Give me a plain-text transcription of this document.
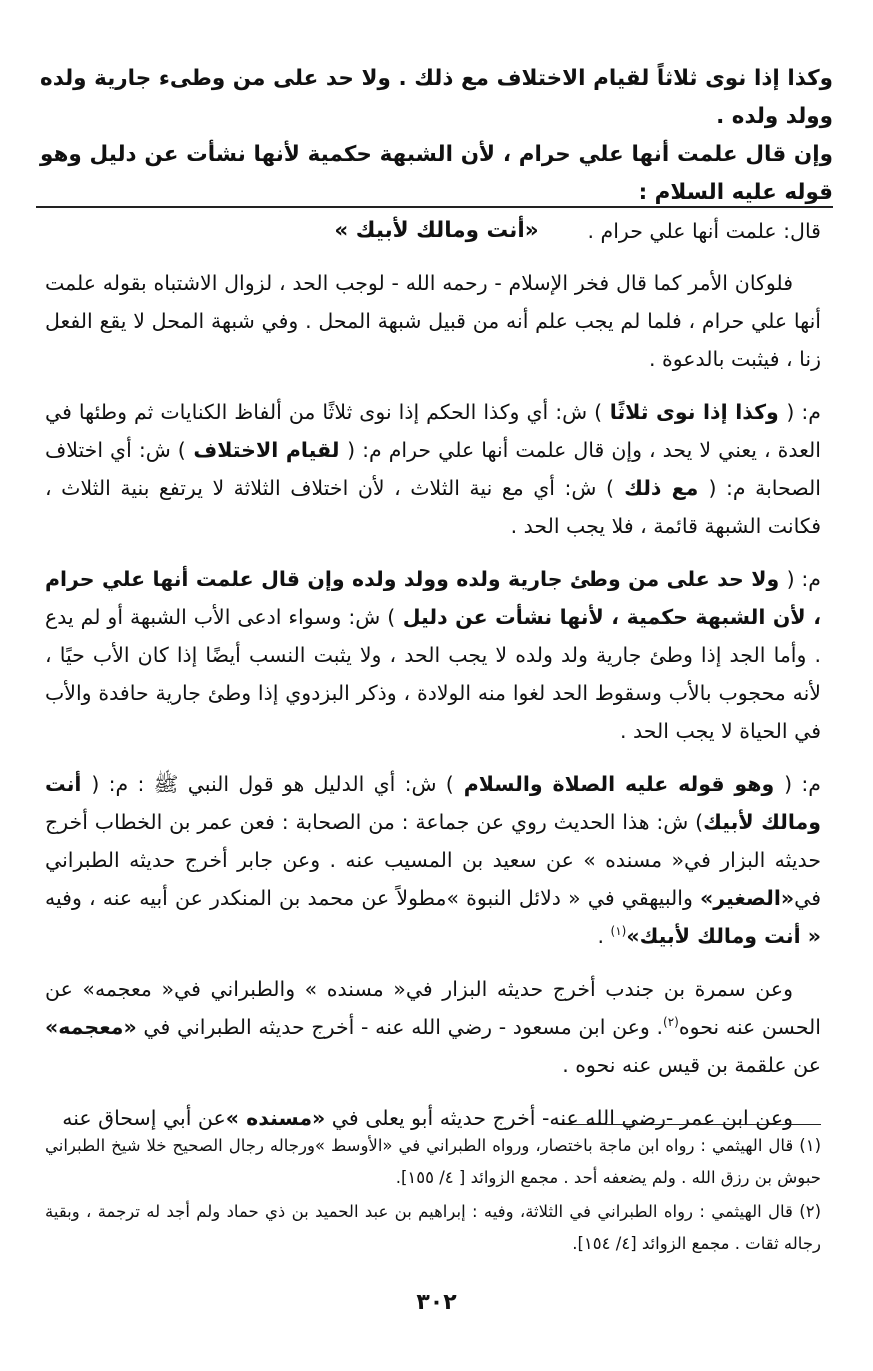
وكذا إذا نوى ثلاثاً لقيام الاختلاف مع ذلك . ولا حد على من وطىء جارية ولده وولد ولده .
وإن قال علمت أنها علي حرام ، لأن الشبهة حكمية لأنها نشأت عن دليل وهو قوله عليه السلام :
«أنت ومالك لأبيك »	قال: علمت أنها علي حرام .

فلوكان الأمر كما قال فخر الإسلام - رحمه الله - لوجب الحد ، لزوال الاشتباه بقوله علمت أنها علي حرام ، فلما لم يجب علم أنه من قبيل شبهة المحل . وفي شبهة المحل لا يقع الفعل زنا ، فيثبت بالدعوة .

م: ( وكذا إذا نوى ثلاثًا ) ش: أي وكذا الحكم إذا نوى ثلاثًا من ألفاظ الكنايات ثم وطئها في العدة ، يعني لا يحد ، وإن قال علمت أنها علي حرام م: ( لقيام الاختلاف ) ش: أي اختلاف الصحابة م: ( مع ذلك ) ش: أي مع نية الثلاث ، لأن اختلاف الثلاثة لا يرتفع بنية الثلاث ، فكانت الشبهة قائمة ، فلا يجب الحد .

م: ( ولا حد على من وطئ جارية ولده وولد ولده وإن قال علمت أنها علي حرام ، لأن الشبهة حكمية ، لأنها نشأت عن دليل ) ش: وسواء ادعى الأب الشبهة أو لم يدع . وأما الجد إذا وطئ جارية ولد ولده لا يجب الحد ، ولا يثبت النسب أيضًا إذا كان الأب حيًا ، لأنه محجوب بالأب وسقوط الحد لغوا منه الولادة ، وذكر البزدوي إذا وطئ جارية حافدة والأب في الحياة لا يجب الحد .

م: ( وهو قوله عليه الصلاة والسلام ) ش: أي الدليل هو قول النبي ﷺ : م: ( أنت ومالك لأبيك) ش: هذا الحديث روي عن جماعة : من الصحابة : فعن عمر بن الخطاب أخرج حديثه البزار في« مسنده » عن سعيد بن المسيب عنه . وعن جابر أخرج حديثه الطبراني في«الصغير» والبيهقي في « دلائل النبوة »مطولاً عن محمد بن المنكدر عن أبيه عنه ، وفيه « أنت ومالك لأبيك»$^{(١)}$ .

وعن سمرة بن جندب أخرج حديثه البزار في« مسنده » والطبراني في« معجمه» عن الحسن عنه نحوه$^{(٢)}$. وعن ابن مسعود - رضي الله عنه - أخرج حديثه الطبراني في «معجمه» عن علقمة بن قيس عنه نحوه .

وعن ابن عمر -رضي الله عنه- أخرج حديثه أبو يعلى في «مسنده »عن أبي إسحاق عنه

(١) قال الهيثمي : رواه ابن ماجة باختصار، ورواه الطبراني في «الأوسط »ورجاله رجال الصحيح خلا شيخ الطبراني حبوش بن رزق الله . ولم يضعفه أحد . مجمع الزوائد [ ٤/ ١٥٥].

(٢) قال الهيثمي : رواه الطبراني في الثلاثة، وفيه : إبراهيم بن عبد الحميد بن ذي حماد ولم أجد له ترجمة ، وبقية رجاله ثقات . مجمع الزوائد [٤/ ١٥٤].

٣٠٢
